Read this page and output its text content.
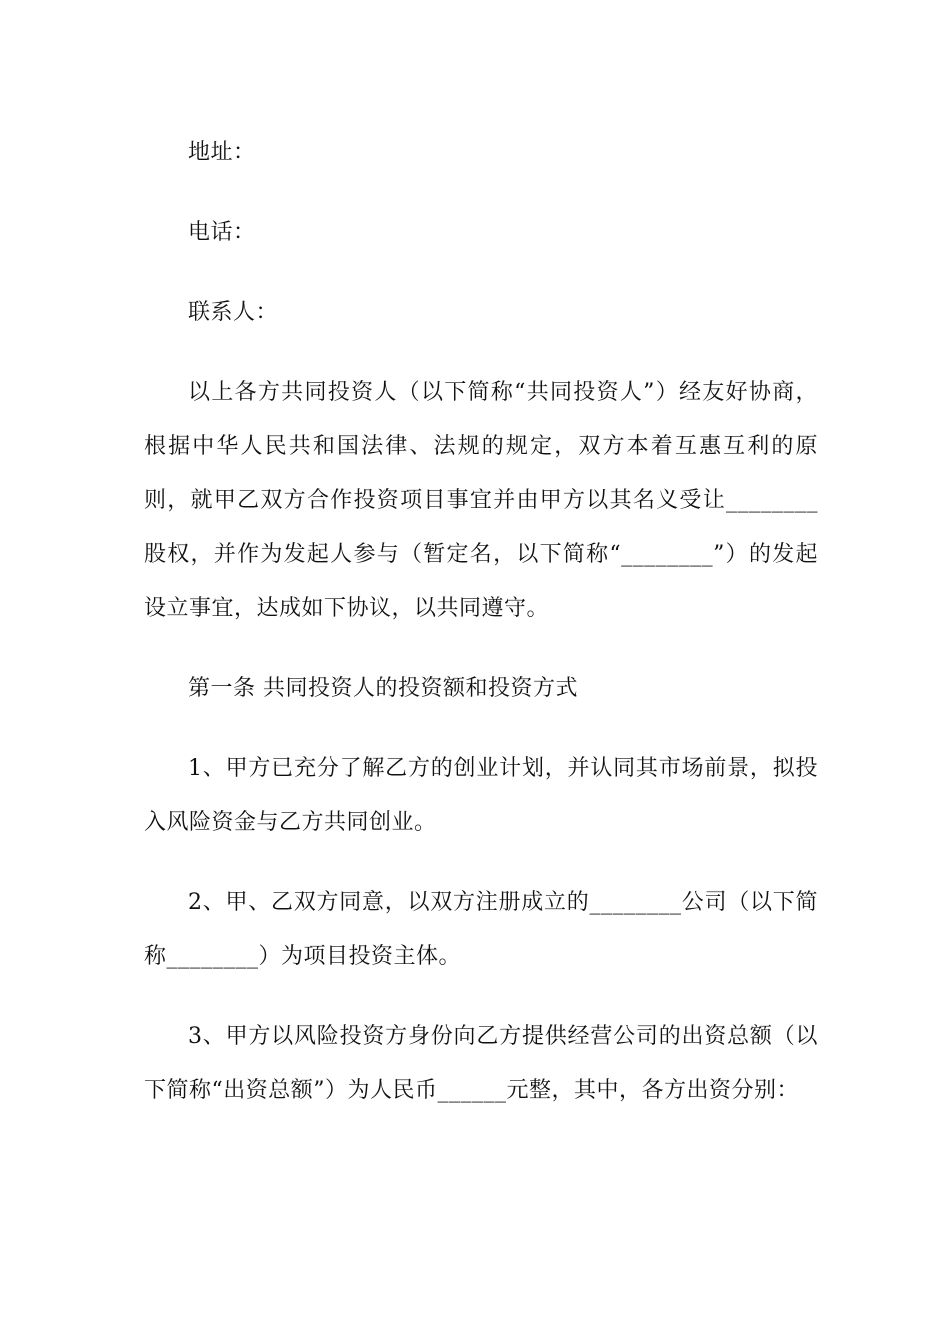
地址：

电话：

联系人：

以上各方共同投资人（以下简称“共同投资人”）经友好协商，根据中华人民共和国法律、法规的规定，双方本着互惠互利的原则，就甲乙双方合作投资项目事宜并由甲方以其名义受让________股权，并作为发起人参与（暂定名，以下简称“________”）的发起设立事宜，达成如下协议，以共同遵守。

第一条 共同投资人的投资额和投资方式

1、甲方已充分了解乙方的创业计划，并认同其市场前景，拟投入风险资金与乙方共同创业。

2、甲、乙双方同意，以双方注册成立的________公司（以下简称________）为项目投资主体。

3、甲方以风险投资方身份向乙方提供经营公司的出资总额（以下简称“出资总额”）为人民币______元整，其中，各方出资分别：
